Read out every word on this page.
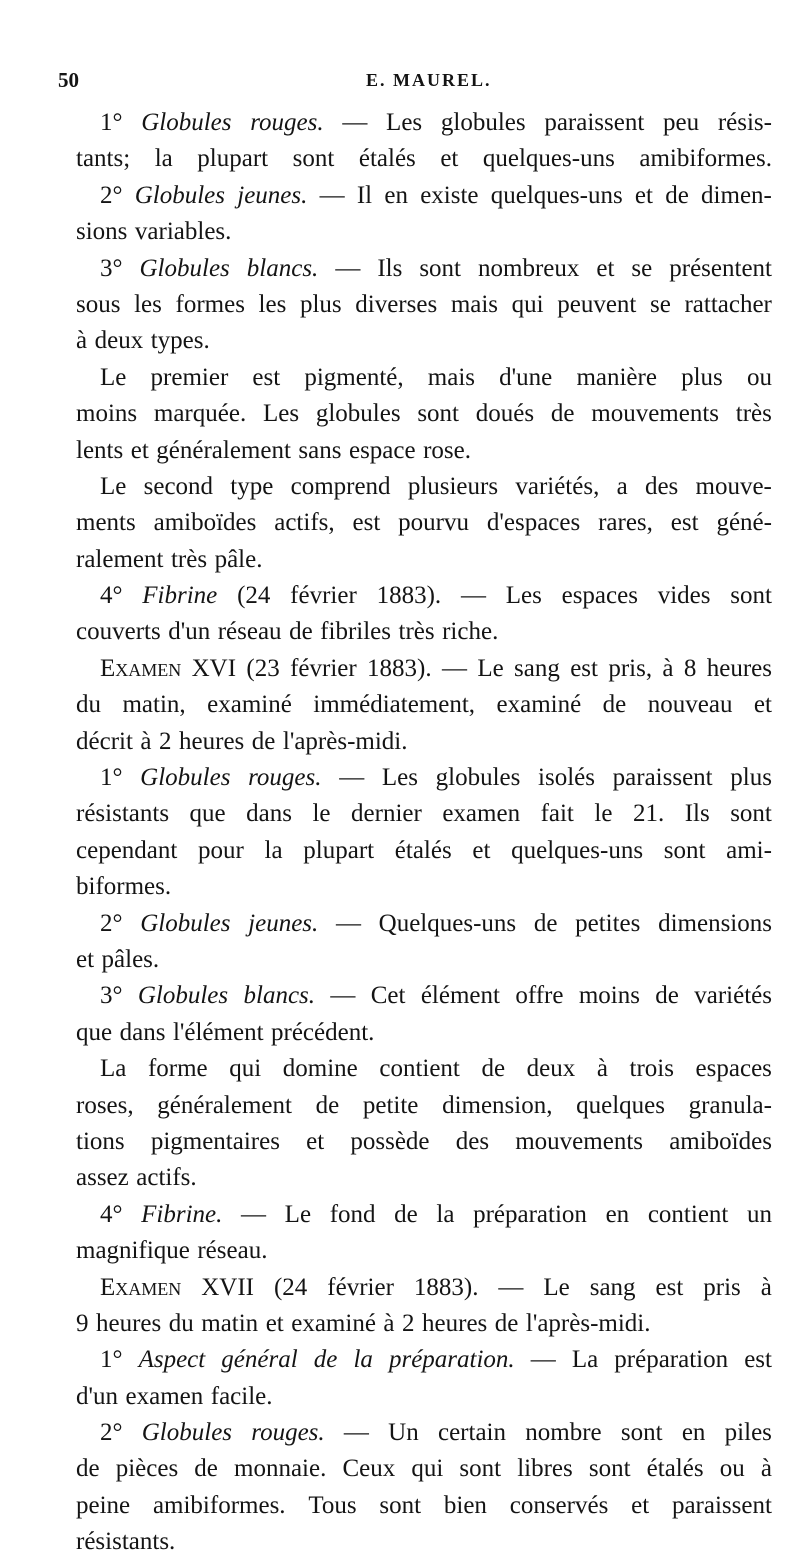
50	E. MAUREL.
1° Globules rouges. — Les globules paraissent peu résis-
tants; la plupart sont étalés et quelques-uns amibiformes.
2° Globules jeunes. — Il en existe quelques-uns et de dimen-
sions variables.
3° Globules blancs. — Ils sont nombreux et se présentent
sous les formes les plus diverses mais qui peuvent se rattacher
à deux types.
Le premier est pigmenté, mais d'une manière plus ou
moins marquée. Les globules sont doués de mouvements très
lents et généralement sans espace rose.
Le second type comprend plusieurs variétés, a des mouve-
ments amiboïdes actifs, est pourvu d'espaces rares, est géné-
ralement très pâle.
4° Fibrine (24 février 1883). — Les espaces vides sont
couverts d'un réseau de fibriles très riche.
Examen XVI (23 février 1883). — Le sang est pris, à 8 heures
du matin, examiné immédiatement, examiné de nouveau et
décrit à 2 heures de l'après-midi.
1° Globules rouges. — Les globules isolés paraissent plus
résistants que dans le dernier examen fait le 21. Ils sont
cependant pour la plupart étalés et quelques-uns sont ami-
biformes.
2° Globules jeunes. — Quelques-uns de petites dimensions
et pâles.
3° Globules blancs. — Cet élément offre moins de variétés
que dans l'élément précédent.
La forme qui domine contient de deux à trois espaces
roses, généralement de petite dimension, quelques granula-
tions pigmentaires et possède des mouvements amiboïdes
assez actifs.
4° Fibrine. — Le fond de la préparation en contient un
magnifique réseau.
Examen XVII (24 février 1883). — Le sang est pris à
9 heures du matin et examiné à 2 heures de l'après-midi.
1° Aspect général de la préparation. — La préparation est
d'un examen facile.
2° Globules rouges. — Un certain nombre sont en piles
de pièces de monnaie. Ceux qui sont libres sont étalés ou à
peine amibiformes. Tous sont bien conservés et paraissent
résistants.
